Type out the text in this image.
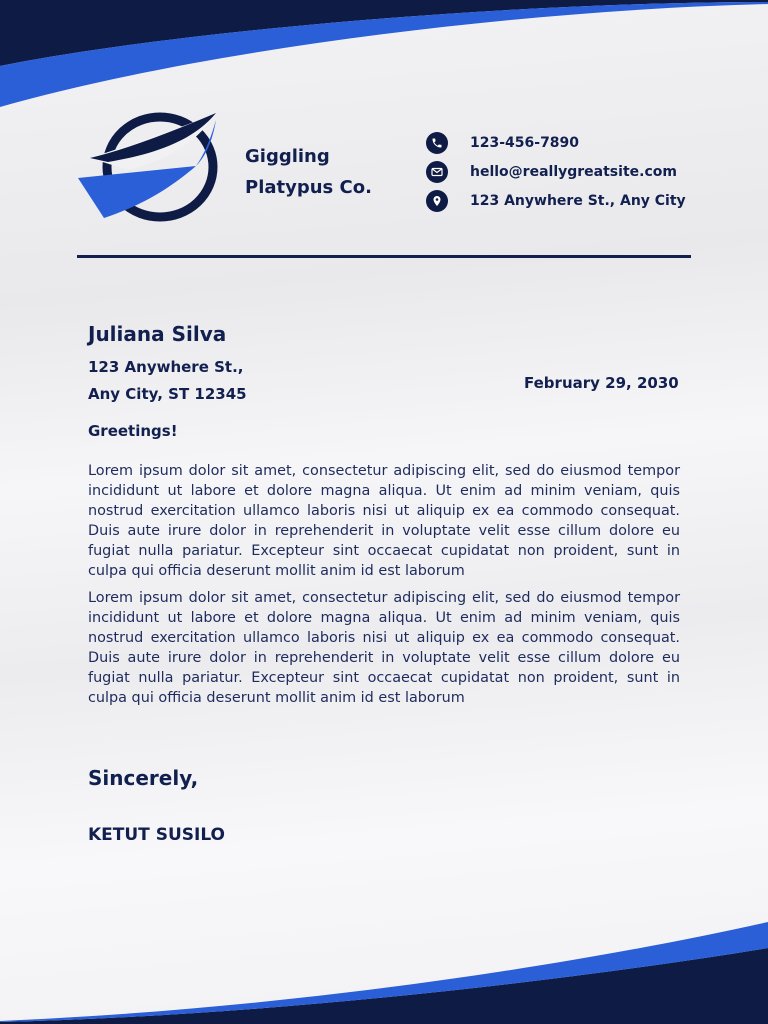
Giggling
Platypus Co.
123-456-7890
hello@reallygreatsite.com
123 Anywhere St., Any City
Juliana Silva
123 Anywhere St.,
Any City, ST 12345
February 29, 2030
Greetings!

Lorem ipsum dolor sit amet, consectetur adipiscing elit, sed do eiusmod tempor incididunt ut labore et dolore magna aliqua. Ut enim ad minim veniam, quis nostrud exercitation ullamco laboris nisi ut aliquip ex ea commodo consequat. Duis aute irure dolor in reprehenderit in voluptate velit esse cillum dolore eu fugiat nulla pariatur. Excepteur sint occaecat cupidatat non proident, sunt in culpa qui officia deserunt mollit anim id est laborum

Lorem ipsum dolor sit amet, consectetur adipiscing elit, sed do eiusmod tempor incididunt ut labore et dolore magna aliqua. Ut enim ad minim veniam, quis nostrud exercitation ullamco laboris nisi ut aliquip ex ea commodo consequat. Duis aute irure dolor in reprehenderit in voluptate velit esse cillum dolore eu fugiat nulla pariatur. Excepteur sint occaecat cupidatat non proident, sunt in culpa qui officia deserunt mollit anim id est laborum

Sincerely,
KETUT SUSILO
